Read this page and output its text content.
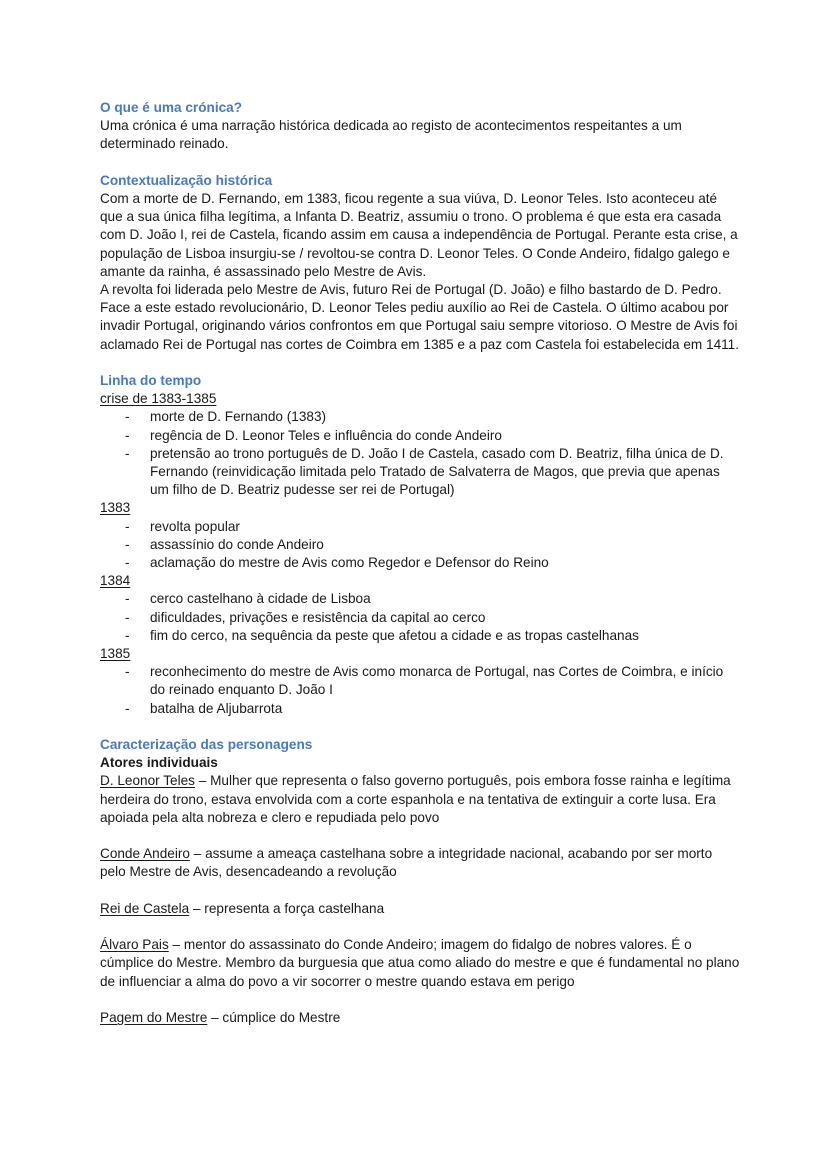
O que é uma crónica?

Uma crónica é uma narração histórica dedicada ao registo de acontecimentos respeitantes a um determinado reinado.

Contextualização histórica

Com a morte de D. Fernando, em 1383, ficou regente a sua viúva, D. Leonor Teles. Isto aconteceu até que a sua única filha legítima, a Infanta D. Beatriz, assumiu o trono. O problema é que esta era casada com D. João I, rei de Castela, ficando assim em causa a independência de Portugal. Perante esta crise, a população de Lisboa insurgiu-se / revoltou-se contra D. Leonor Teles. O Conde Andeiro, fidalgo galego e amante da rainha, é assassinado pelo Mestre de Avis.

A revolta foi liderada pelo Mestre de Avis, futuro Rei de Portugal (D. João) e filho bastardo de D. Pedro. Face a este estado revolucionário, D. Leonor Teles pediu auxílio ao Rei de Castela. O último acabou por invadir Portugal, originando vários confrontos em que Portugal saiu sempre vitorioso. O Mestre de Avis foi aclamado Rei de Portugal nas cortes de Coimbra em 1385 e a paz com Castela foi estabelecida em 1411.

Linha do tempo
crise de 1383-1385
- morte de D. Fernando (1383)
- regência de D. Leonor Teles e influência do conde Andeiro
- pretensão ao trono português de D. João I de Castela, casado com D. Beatriz, filha única de D. Fernando (reinvidicação limitada pelo Tratado de Salvaterra de Magos, que previa que apenas um filho de D. Beatriz pudesse ser rei de Portugal)
1383
- revolta popular
- assassínio do conde Andeiro
- aclamação do mestre de Avis como Regedor e Defensor do Reino
1384
- cerco castelhano à cidade de Lisboa
- dificuldades, privações e resistência da capital ao cerco
- fim do cerco, na sequência da peste que afetou a cidade e as tropas castelhanas
1385
- reconhecimento do mestre de Avis como monarca de Portugal, nas Cortes de Coimbra, e início do reinado enquanto D. João I
- batalha de Aljubarrota
Caracterização das personagens
Atores individuais

D. Leonor Teles – Mulher que representa o falso governo português, pois embora fosse rainha e legítima herdeira do trono, estava envolvida com a corte espanhola e na tentativa de extinguir a corte lusa. Era apoiada pela alta nobreza e clero e repudiada pelo povo

Conde Andeiro – assume a ameaça castelhana sobre a integridade nacional, acabando por ser morto pelo Mestre de Avis, desencadeando a revolução

Rei de Castela – representa a força castelhana

Álvaro Pais – mentor do assassinato do Conde Andeiro; imagem do fidalgo de nobres valores. É o cúmplice do Mestre. Membro da burguesia que atua como aliado do mestre e que é fundamental no plano de influenciar a alma do povo a vir socorrer o mestre quando estava em perigo

Pagem do Mestre – cúmplice do Mestre
